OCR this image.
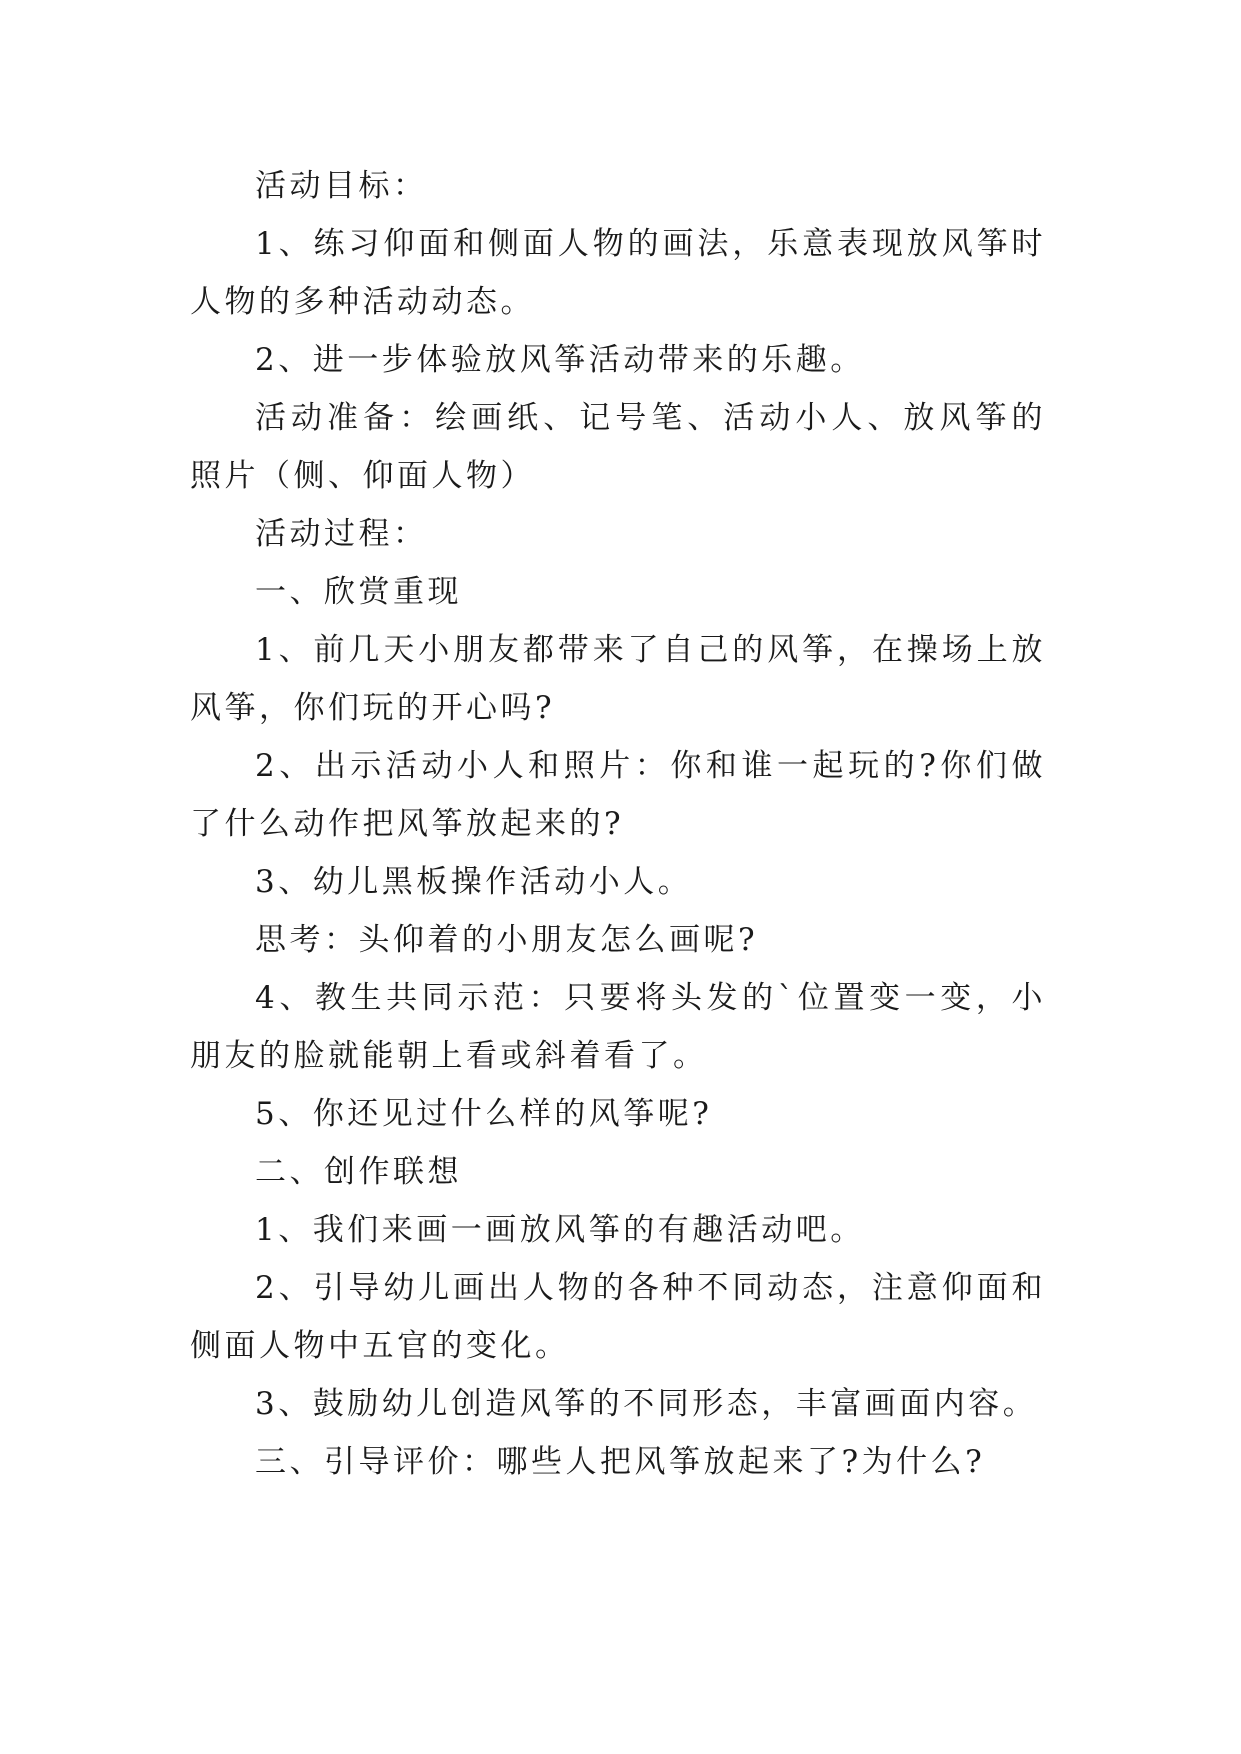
活动目标：

1、练习仰面和侧面人物的画法，乐意表现放风筝时人物的多种活动动态。

2、进一步体验放风筝活动带来的乐趣。

活动准备：绘画纸、记号笔、活动小人、放风筝的照片（侧、仰面人物）

活动过程：

一、欣赏重现

1、前几天小朋友都带来了自己的风筝，在操场上放风筝，你们玩的开心吗?

2、出示活动小人和照片：你和谁一起玩的?你们做了什么动作把风筝放起来的?

3、幼儿黑板操作活动小人。

思考：头仰着的小朋友怎么画呢?

4、教生共同示范：只要将头发的`位置变一变，小朋友的脸就能朝上看或斜着看了。

5、你还见过什么样的风筝呢?

二、创作联想

1、我们来画一画放风筝的有趣活动吧。

2、引导幼儿画出人物的各种不同动态，注意仰面和侧面人物中五官的变化。

3、鼓励幼儿创造风筝的不同形态，丰富画面内容。

三、引导评价：哪些人把风筝放起来了?为什么?
